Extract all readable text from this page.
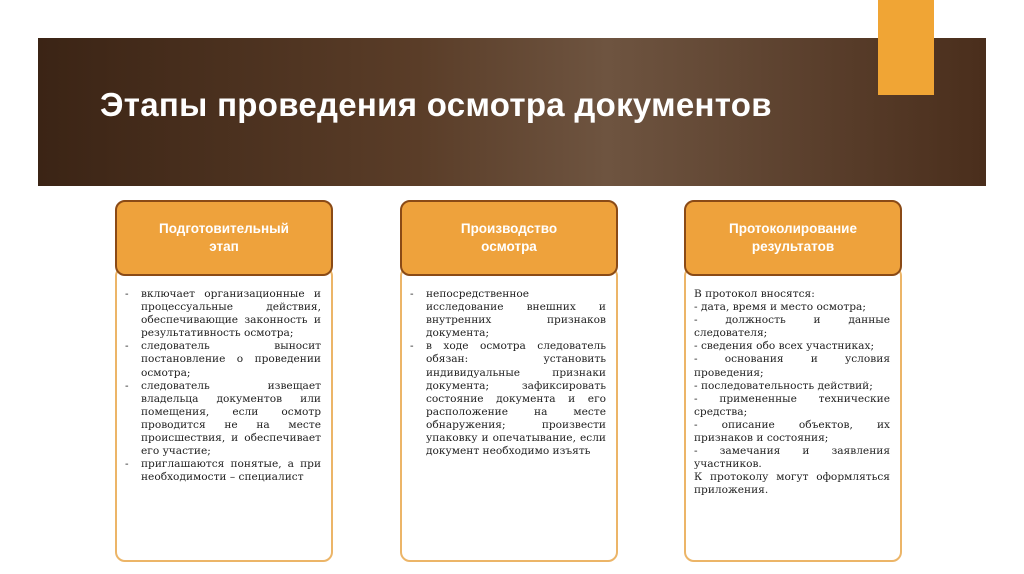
Этапы проведения осмотра документов
Подготовительный
этап
- включает организационные и процессуальные действия, обеспечивающие законность и результативность осмотра;
- следователь выносит постановление о проведении осмотра;
- следователь извещает владельца документов или помещения, если осмотр проводится не на месте происшествия, и обеспечивает его участие;
- приглашаются понятые, а при необходимости – специалист
Производство
осмотра
- непосредственное исследование внешних и внутренних признаков документа;
- в ходе осмотра следователь обязан: установить индивидуальные признаки документа; зафиксировать состояние документа и его расположение на месте обнаружения; произвести упаковку и опечатывание, если документ необходимо изъять
Протоколирование
результатов
В протокол вносятся:
- дата, время и место осмотра;
- должность и данные следователя;
- сведения обо всех участниках;
- основания и условия проведения;
- последовательность действий;
- примененные технические средства;
- описание объектов, их признаков и состояния;
- замечания и заявления участников.
К протоколу могут оформляться приложения.
